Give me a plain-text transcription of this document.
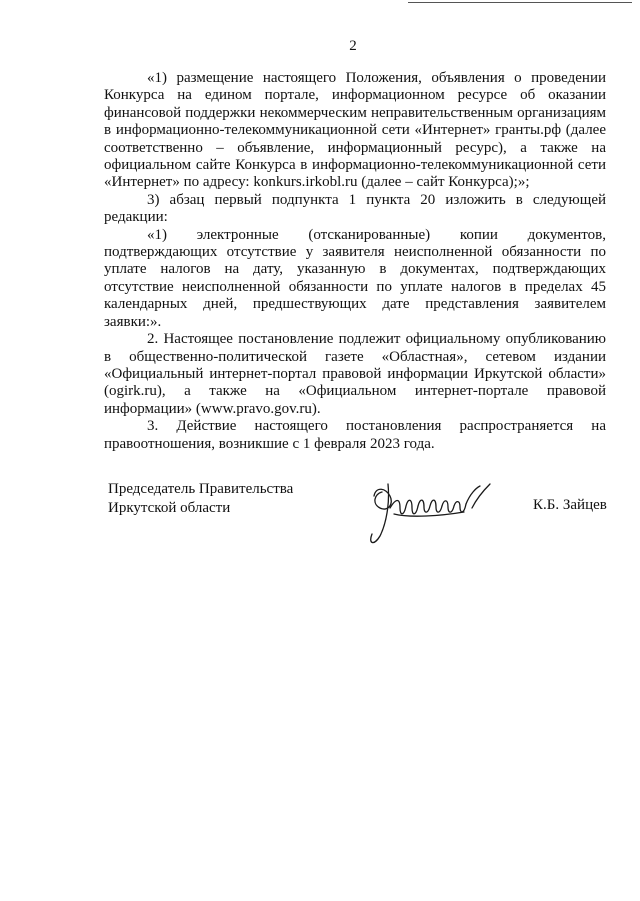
2

«1) размещение настоящего Положения, объявления о проведении Конкурса на едином портале, информационном ресурсе об оказании финансовой поддержки некоммерческим неправительственным организациям в информационно-телекоммуникационной сети «Интернет» гранты.рф (далее соответственно – объявление, информационный ресурс), а также на официальном сайте Конкурса в информационно-телекоммуникационной сети «Интернет» по адресу: konkurs.irkobl.ru (далее – сайт Конкурса);»;

3) абзац первый подпункта 1 пункта 20 изложить в следующей редакции:

«1) электронные (отсканированные) копии документов, подтверждающих отсутствие у заявителя неисполненной обязанности по уплате налогов на дату, указанную в документах, подтверждающих отсутствие неисполненной обязанности по уплате налогов в пределах 45 календарных дней, предшествующих дате представления заявителем заявки:».

2. Настоящее постановление подлежит официальному опубликованию в общественно-политической газете «Областная», сетевом издании «Официальный интернет-портал правовой информации Иркутской области» (ogirk.ru), а также на «Официальном интернет-портале правовой информации» (www.pravo.gov.ru).

3. Действие настоящего постановления распространяется на правоотношения, возникшие с 1 февраля 2023 года.

Председатель Правительства
Иркутской области	К.Б. Зайцев
